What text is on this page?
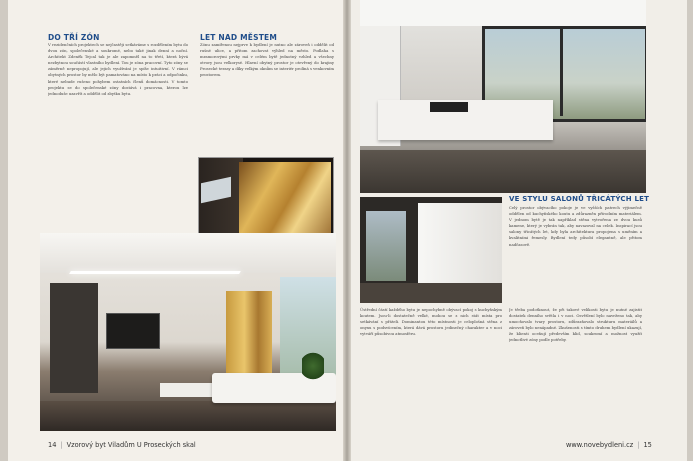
DO TŘÍ ZÓN
V rezidenčních projektech se nejčastěji setkáváme s rozdělením bytu do dvou zón, společenské a soukromé, nebo také jinak denní a noční. Architekt Zdeněk Tejcal tak je ale zapomněl na to třetí, která bývá nezbytnou součástí vlastního bydlení. Tou je zóna pracovní. Tyto zóny se záměrně nepropojují, ale jejich využívání je spíše intuitivní. V rámci obytných prostor by mělo být pamatováno na místo k práci a odpočinku, které nebude rušeno pohybem ostatních členů domácnosti. V tomto projektu se do společenské zóny dostává i pracovna, kterou lze jednoduše uzavřít a oddělit od zbytku bytu.
LET NAD MĚSTEM
Zónu zamířenou nejprve k bydlení je nutno ale zároveň i oddělit od rušné ulice, a přitom zachovat výhled na město. Podlaha s mramorovými prvky má v celém bytě jednotný vzhled a všechny otvory jsou velkorysé. Hlavní obytný prostor je otevřený do krajiny Prosecké terasy a díky velkým oknům se interiér prolíná s venkovním prostorem.
VE STYLU SALONŮ TŘICÁTÝCH LET
Celý prostor obývacího pokoje je ve vyšších patrech výjimečně oddělen od kuchyňského koutu a zdůrazněn přírodním materiálem. V jednom bytě je tak například stěna vytvořena ze dvou kusů kamene, který je vybrán tak, aby navazoval na celek. Inspirací jsou salony třicátých let, kdy byla architektura propojena s uměním a kvalitními řemesly. Bydlení tedy působí elegantně, ale přitom nadčasově.
Ústřední částí každého bytu je nepochybně obývací pokoj s kuchyňským koutem. Jsou-li dostatečně velké, mohou se z nich stát místa pro setkávání s přáteli. Dominantou této místnosti je celoplošná stěna z onyxu s podsvícením, která dává prostoru jedinečný charakter a v noci vytváří působivou atmosféru.
Je třeba podotknout, že při takové velikosti bytu je nutné zajistit dostatek denního světla i v noci. Osvětlení bylo navrženo tak, aby umocňovalo tvary prostoru, zdůrazňovalo strukturu materiálů a zároveň bylo nenápadné. Zkušenosti s tímto druhem bydlení ukazují, že klienti oceňují především klid, soukromí a možnost využít jednotlivé zóny podle potřeby.
14 | Vzorový byt Viladům U Proseckých skal	www.novebydleni.cz | 15
